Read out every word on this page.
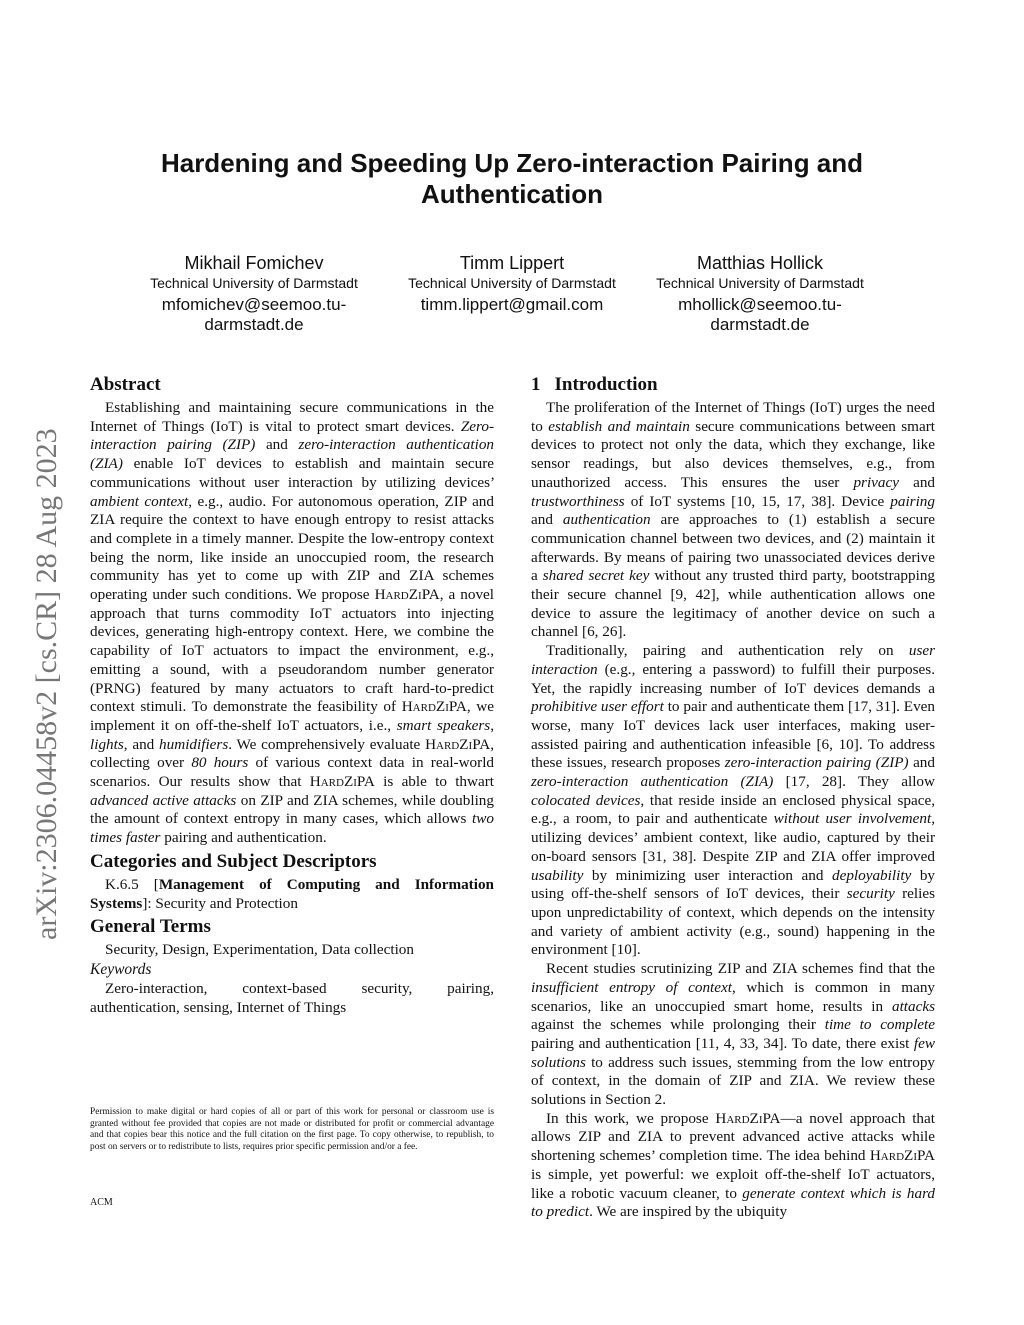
arXiv:2306.04458v2 [cs.CR] 28 Aug 2023
Hardening and Speeding Up Zero-interaction Pairing and Authentication
Mikhail Fomichev
Technical University of Darmstadt
mfomichev@seemoo.tu-darmstadt.de
Timm Lippert
Technical University of Darmstadt
timm.lippert@gmail.com
Matthias Hollick
Technical University of Darmstadt
mhollick@seemoo.tu-darmstadt.de
Abstract

Establishing and maintaining secure communications in the Internet of Things (IoT) is vital to protect smart devices. Zero-interaction pairing (ZIP) and zero-interaction authentication (ZIA) enable IoT devices to establish and maintain secure communications without user interaction by utilizing devices’ ambient context, e.g., audio. For autonomous operation, ZIP and ZIA require the context to have enough entropy to resist attacks and complete in a timely manner. Despite the low-entropy context being the norm, like inside an unoccupied room, the research community has yet to come up with ZIP and ZIA schemes operating under such conditions. We propose HardZiPA, a novel approach that turns commodity IoT actuators into injecting devices, generating high-entropy context. Here, we combine the capability of IoT actuators to impact the environment, e.g., emitting a sound, with a pseudorandom number generator (PRNG) featured by many actuators to craft hard-to-predict context stimuli. To demonstrate the feasibility of HardZiPA, we implement it on off-the-shelf IoT actuators, i.e., smart speakers, lights, and humidifiers. We comprehensively evaluate HardZiPA, collecting over 80 hours of various context data in real-world scenarios. Our results show that HardZiPA is able to thwart advanced active attacks on ZIP and ZIA schemes, while doubling the amount of context entropy in many cases, which allows two times faster pairing and authentication.

Categories and Subject Descriptors

K.6.5 [Management of Computing and Information Systems]: Security and Protection

General Terms

Security, Design, Experimentation, Data collection

Keywords

Zero-interaction, context-based security, pairing, authentication, sensing, Internet of Things

Permission to make digital or hard copies of all or part of this work for personal or classroom use is granted without fee provided that copies are not made or distributed for profit or commercial advantage and that copies bear this notice and the full citation on the first page. To copy otherwise, to republish, to post on servers or to redistribute to lists, requires prior specific permission and/or a fee.
ACM
1 Introduction

The proliferation of the Internet of Things (IoT) urges the need to establish and maintain secure communications between smart devices to protect not only the data, which they exchange, like sensor readings, but also devices themselves, e.g., from unauthorized access. This ensures the user privacy and trustworthiness of IoT systems [10, 15, 17, 38]. Device pairing and authentication are approaches to (1) establish a secure communication channel between two devices, and (2) maintain it afterwards. By means of pairing two unassociated devices derive a shared secret key without any trusted third party, bootstrapping their secure channel [9, 42], while authentication allows one device to assure the legitimacy of another device on such a channel [6, 26].

Traditionally, pairing and authentication rely on user interaction (e.g., entering a password) to fulfill their purposes. Yet, the rapidly increasing number of IoT devices demands a prohibitive user effort to pair and authenticate them [17, 31]. Even worse, many IoT devices lack user interfaces, making user-assisted pairing and authentication infeasible [6, 10]. To address these issues, research proposes zero-interaction pairing (ZIP) and zero-interaction authentication (ZIA) [17, 28]. They allow colocated devices, that reside inside an enclosed physical space, e.g., a room, to pair and authenticate without user involvement, utilizing devices’ ambient context, like audio, captured by their on-board sensors [31, 38]. Despite ZIP and ZIA offer improved usability by minimizing user interaction and deployability by using off-the-shelf sensors of IoT devices, their security relies upon unpredictability of context, which depends on the intensity and variety of ambient activity (e.g., sound) happening in the environment [10].

Recent studies scrutinizing ZIP and ZIA schemes find that the insufficient entropy of context, which is common in many scenarios, like an unoccupied smart home, results in attacks against the schemes while prolonging their time to complete pairing and authentication [11, 4, 33, 34]. To date, there exist few solutions to address such issues, stemming from the low entropy of context, in the domain of ZIP and ZIA. We review these solutions in Section 2.

In this work, we propose HardZiPA—a novel approach that allows ZIP and ZIA to prevent advanced active attacks while shortening schemes’ completion time. The idea behind HardZiPA is simple, yet powerful: we exploit off-the-shelf IoT actuators, like a robotic vacuum cleaner, to generate context which is hard to predict. We are inspired by the ubiquity
